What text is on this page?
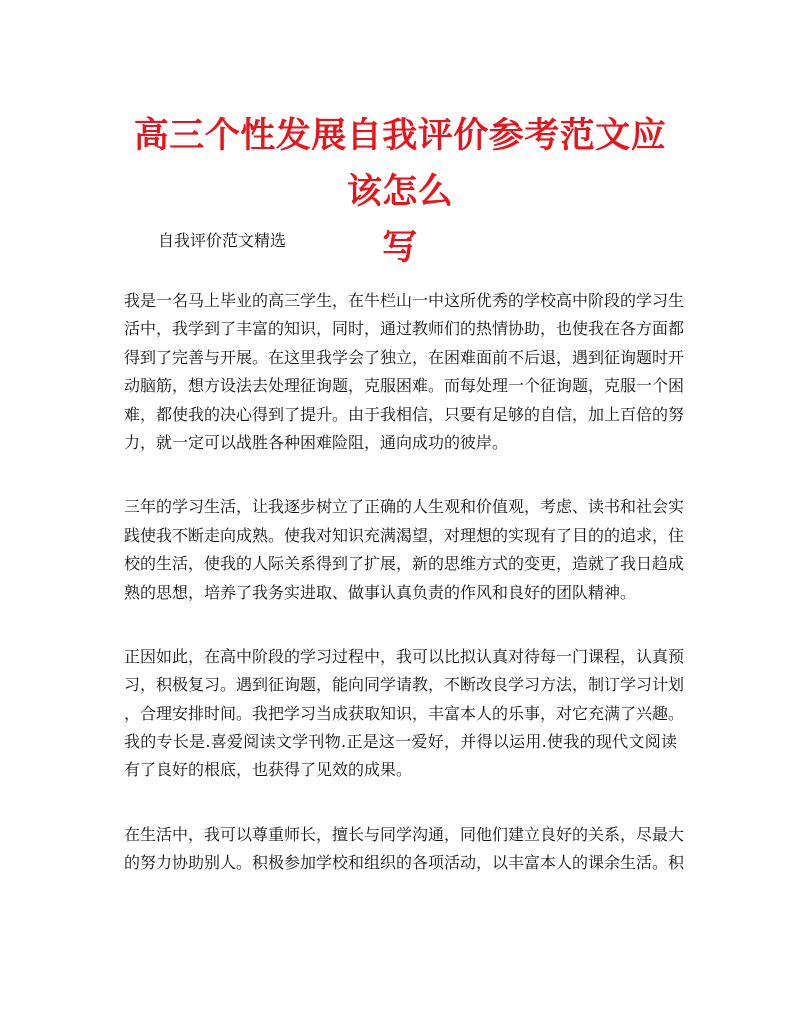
高三个性发展自我评价参考范文应该怎么
写

自我评价范文精选

我是一名马上毕业的高三学生，在牛栏山一中这所优秀的学校高中阶段的学习生
活中，我学到了丰富的知识，同时，通过教师们的热情协助，也使我在各方面都
得到了完善与开展。在这里我学会了独立，在困难面前不后退，遇到征询题时开
动脑筋，想方设法去处理征询题，克服困难。而每处理一个征询题，克服一个困
难，都使我的决心得到了提升。由于我相信，只要有足够的自信，加上百倍的努
力，就一定可以战胜各种困难险阻，通向成功的彼岸。

三年的学习生活，让我逐步树立了正确的人生观和价值观，考虑、读书和社会实
践使我不断走向成熟。使我对知识充满渴望，对理想的实现有了目的的追求，住
校的生活，使我的人际关系得到了扩展，新的思维方式的变更，造就了我日趋成
熟的思想，培养了我务实进取、做事认真负责的作风和良好的团队精神。

正因如此，在高中阶段的学习过程中，我可以比拟认真对待每一门课程，认真预
习，积极复习。遇到征询题，能向同学请教，不断改良学习方法，制订学习计划
，合理安排时间。我把学习当成获取知识，丰富本人的乐事，对它充满了兴趣。
我的专长是.喜爱阅读文学刊物.正是这一爱好，并得以运用.使我的现代文阅读
有了良好的根底，也获得了见效的成果。

在生活中，我可以尊重师长，擅长与同学沟通，同他们建立良好的关系，尽最大
的努力协助别人。积极参加学校和组织的各项活动，以丰富本人的课余生活。积
